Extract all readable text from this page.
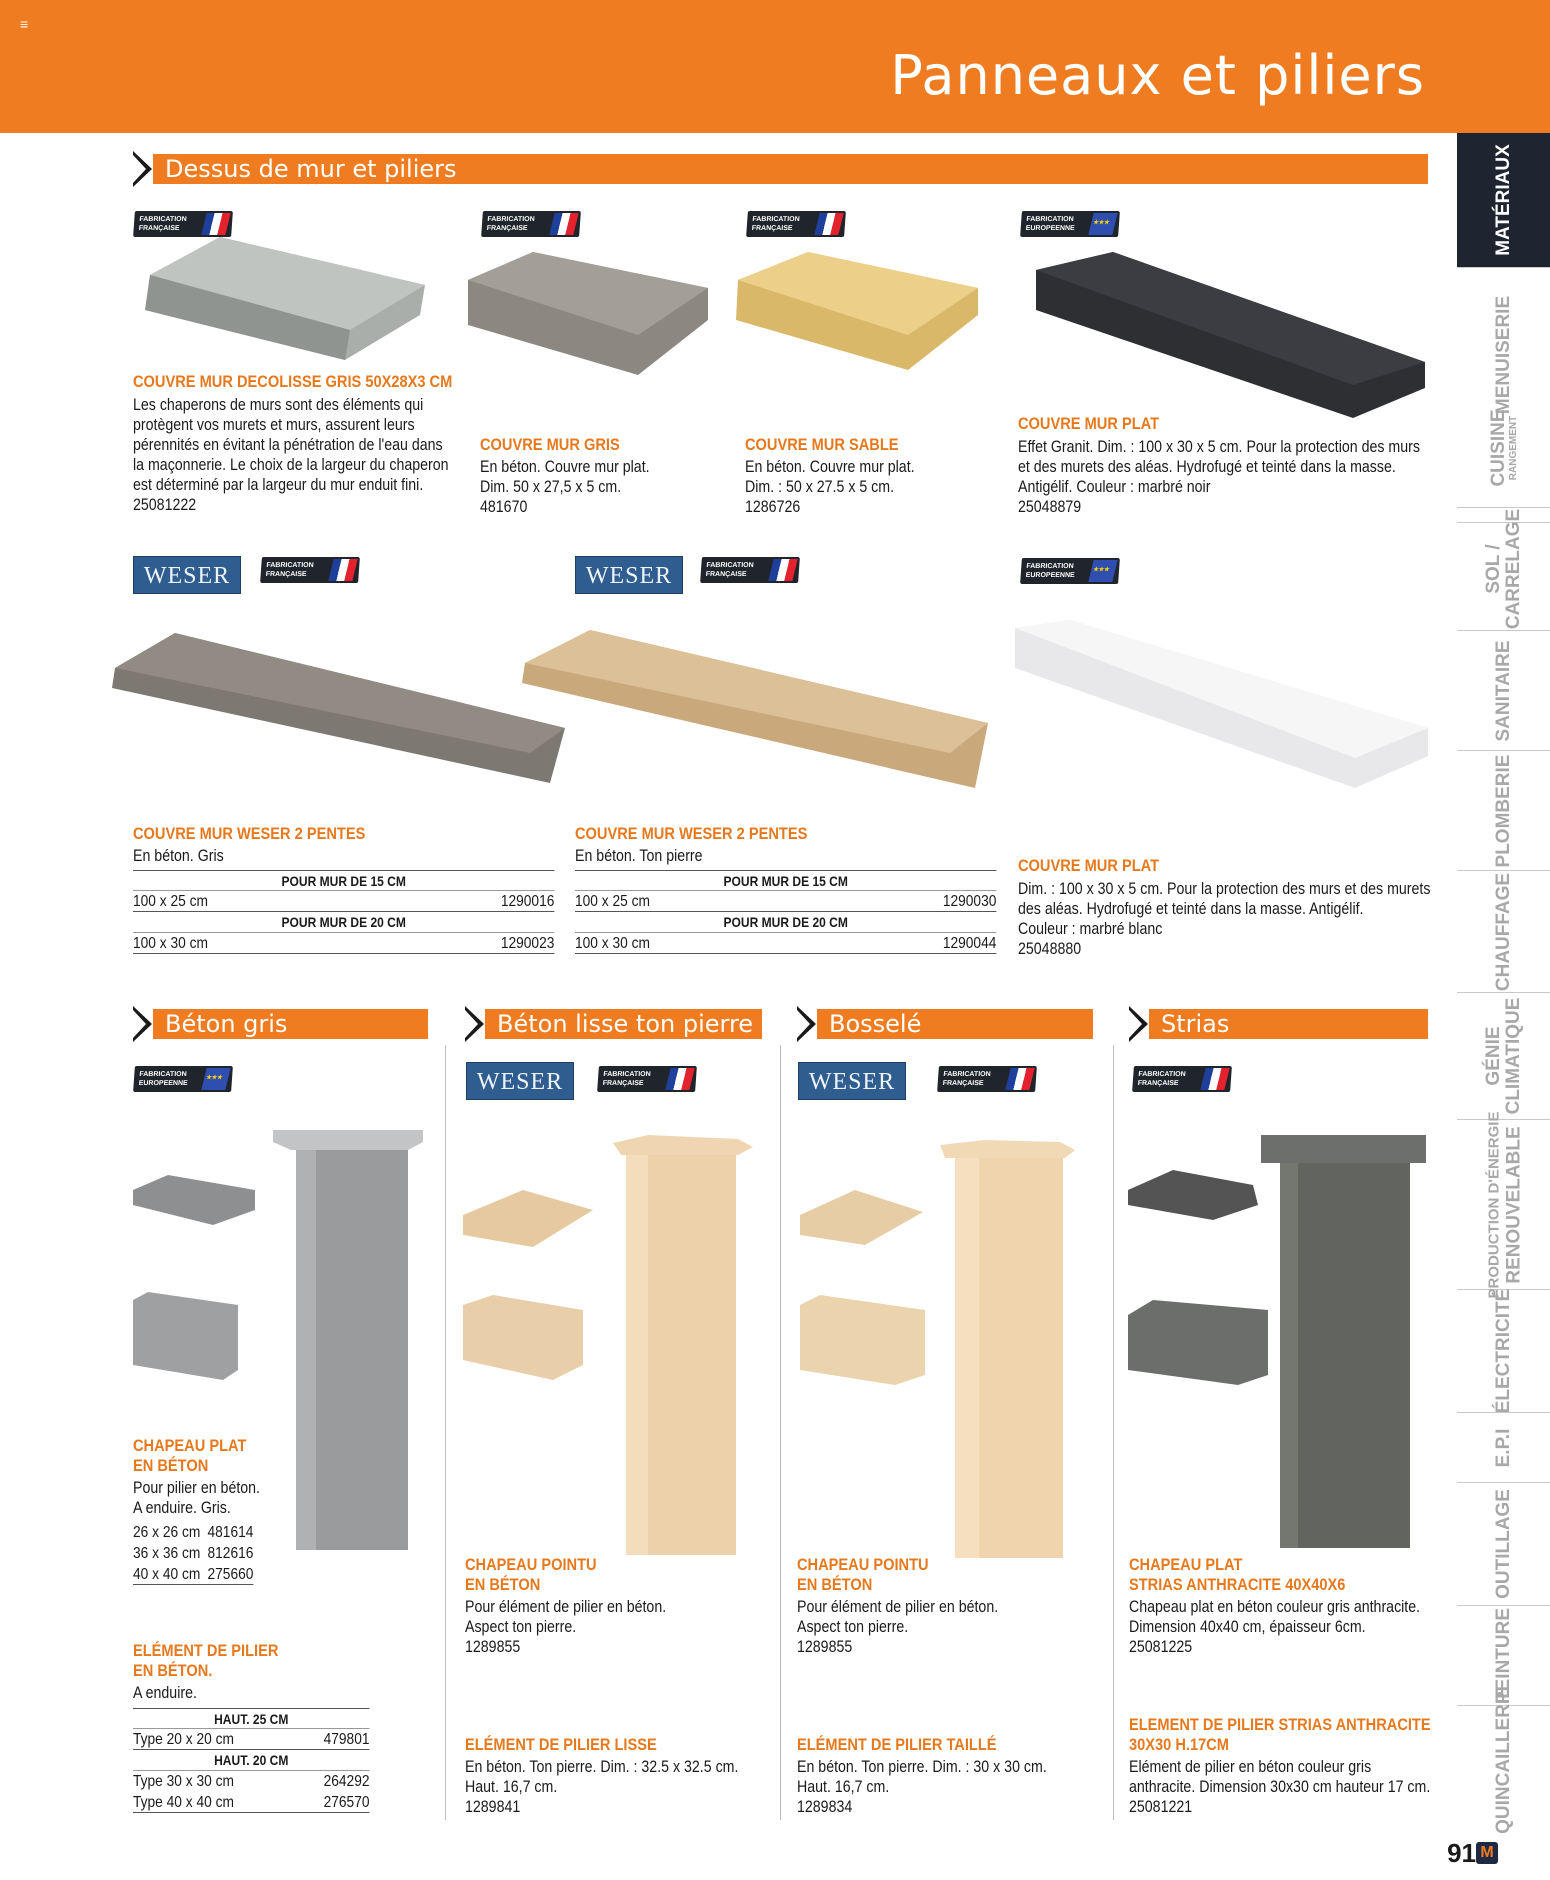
≡
Panneaux et piliers
Dessus de mur et piliers
Béton gris	Béton lisse ton pierre	Bosselé	Strias
FABRICATION
FRANÇAISE
FABRICATION
FRANÇAISE
FABRICATION
FRANÇAISE
FABRICATION
EUROPEENNE
★★★
WESER	FABRICATION
FRANÇAISE	WESER	FABRICATION
FRANÇAISE
FABRICATION
EUROPEENNE
★★★
FABRICATION
EUROPEENNE ★★★	WESER	FABRICATION
FRANÇAISE	WESER	FABRICATION
FRANÇAISE
FABRICATION
FRANÇAISE
COUVRE MUR DECOLISSE GRIS 50X28X3 CM
Les chaperons de murs sont des éléments qui
protègent vos murets et murs, assurent leurs
pérennités en évitant la pénétration de l'eau dans
la maçonnerie. Le choix de la largeur du chaperon
est déterminé par la largeur du mur enduit fini.
25081222
COUVRE MUR GRIS
En béton. Couvre mur plat.
Dim. 50 x 27,5 x 5 cm.
481670
COUVRE MUR SABLE
En béton. Couvre mur plat.
Dim. : 50 x 27.5 x 5 cm.
1286726
COUVRE MUR PLAT
Effet Granit. Dim. : 100 x 30 x 5 cm. Pour la protection des murs
et des murets des aléas. Hydrofugé et teinté dans la masse.
Antigélif. Couleur : marbré noir
25048879
COUVRE MUR WESER 2 PENTES
En béton. Gris
POUR MUR DE 15 CM
100 x 25 cm	1290016
POUR MUR DE 20 CM
100 x 30 cm	1290023
COUVRE MUR WESER 2 PENTES
En béton. Ton pierre
POUR MUR DE 15 CM
100 x 25 cm	1290030
POUR MUR DE 20 CM
100 x 30 cm	1290044
COUVRE MUR PLAT
Dim. : 100 x 30 x 5 cm. Pour la protection des murs et des murets
des aléas. Hydrofugé et teinté dans la masse. Antigélif.
Couleur : marbré blanc
25048880
CHAPEAU PLAT
EN BÉTON
Pour pilier en béton.
A enduire. Gris.
26 x 26 cm 481614
36 x 36 cm 812616
40 x 40 cm 275660
ELÉMENT DE PILIER
EN BÉTON.
A enduire.
HAUT. 25 CM
Type 20 x 20 cm	479801
HAUT. 20 CM
Type 30 x 30 cm	264292
Type 40 x 40 cm	276570
CHAPEAU POINTU
EN BÉTON
Pour élément de pilier en béton.
Aspect ton pierre.
1289855
ELÉMENT DE PILIER LISSE
En béton. Ton pierre. Dim. : 32.5 x 32.5 cm.
Haut. 16,7 cm.
1289841
CHAPEAU POINTU
EN BÉTON
Pour élément de pilier en béton.
Aspect ton pierre.
1289855
ELÉMENT DE PILIER TAILLÉ
En béton. Ton pierre. Dim. : 30 x 30 cm.
Haut. 16,7 cm.
1289834
CHAPEAU PLAT
STRIAS ANTHRACITE 40X40X6
Chapeau plat en béton couleur gris anthracite.
Dimension 40x40 cm, épaisseur 6cm.
25081225
ELEMENT DE PILIER STRIAS ANTHRACITE
30X30 H.17CM
Elément de pilier en béton couleur gris
anthracite. Dimension 30x30 cm hauteur 17 cm.
25081221
MATÉRIAUX
MENUISERIE
CUISINE RANGEMENT
SOL /
CARRELAGE
SANITAIRE
PLOMBERIE
CHAUFFAGE
GÉNIE
CLIMATIQUE
PRODUCTION D'ÉNERGIE
RENOUVELABLE
ÉLECTRICITÉ
E.P.I
OUTILLAGE
PEINTURE
QUINCAILLERIE
91 M
